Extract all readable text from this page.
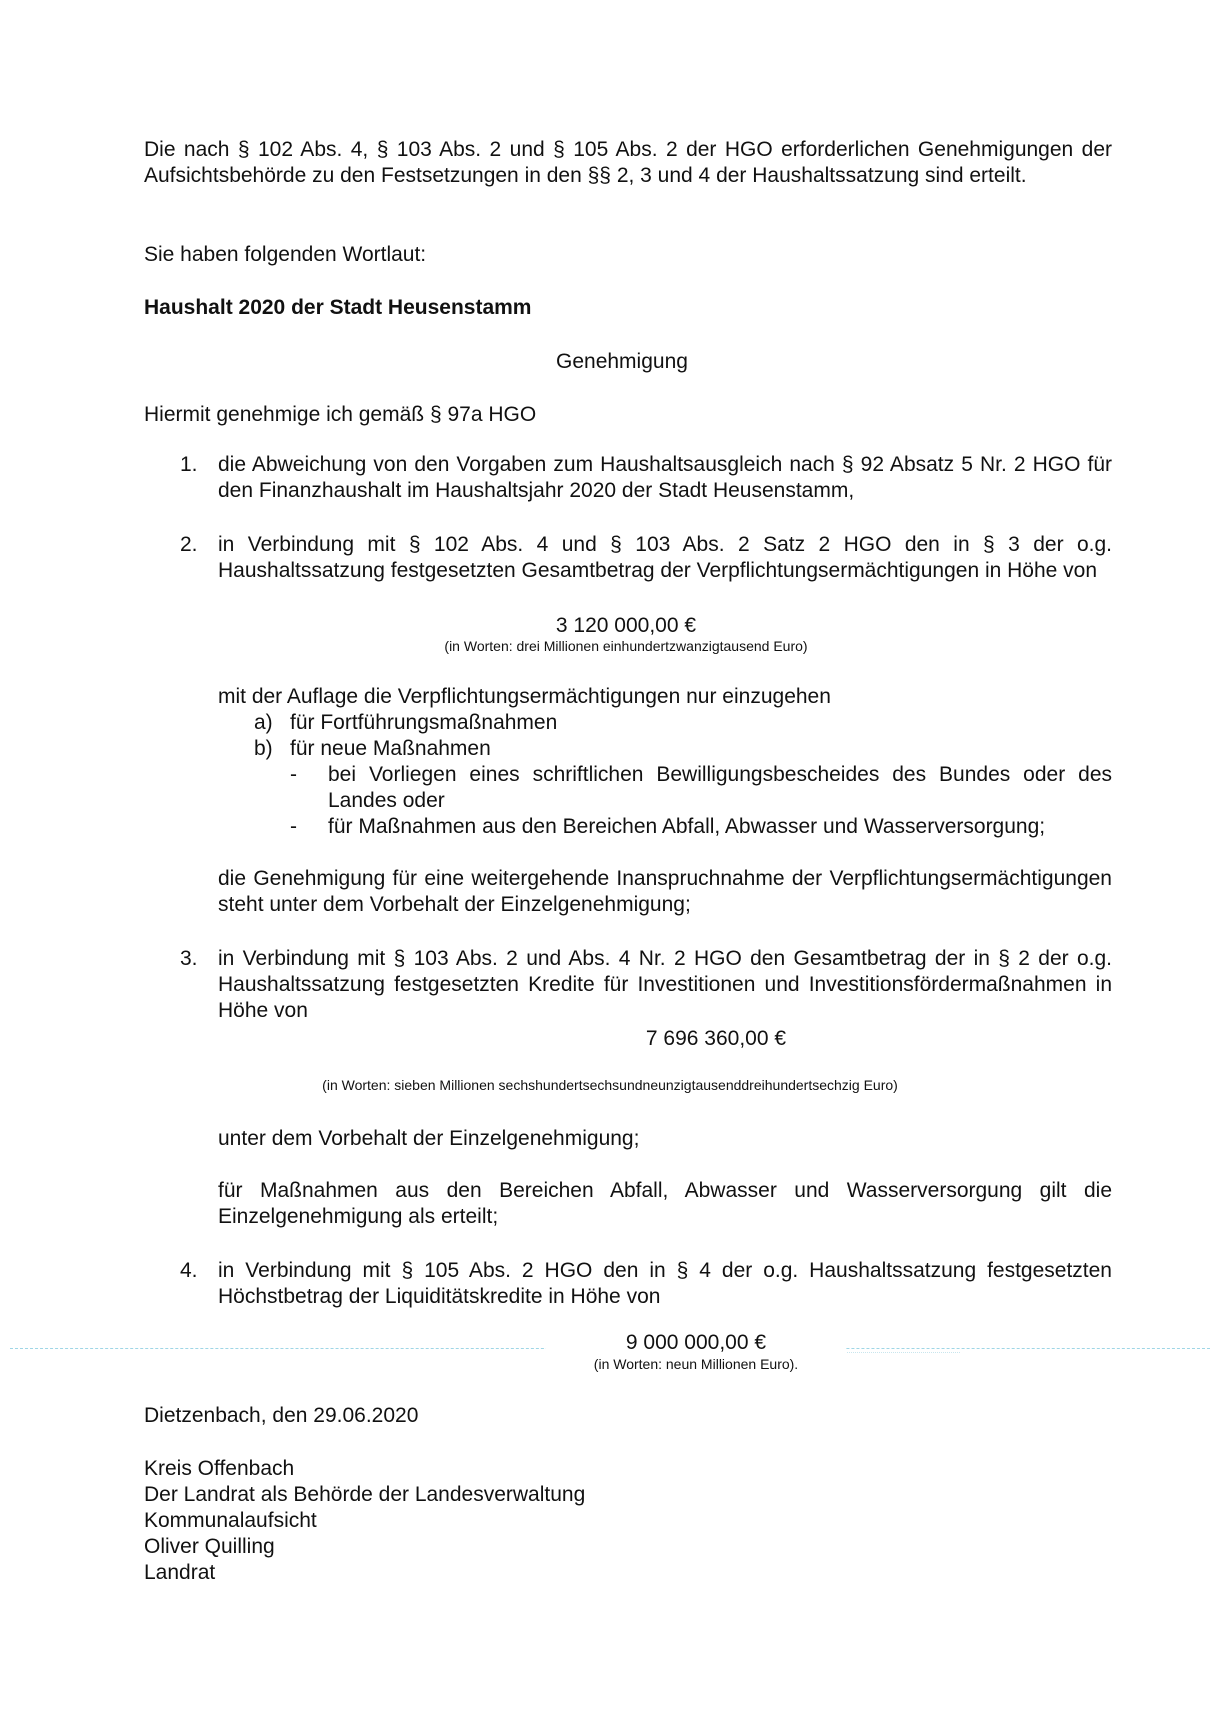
Die nach § 102 Abs. 4, § 103 Abs. 2 und § 105 Abs. 2 der HGO erforderlichen Genehmigungen der Aufsichtsbehörde zu den Festsetzungen in den §§ 2, 3 und 4 der Haushaltssatzung sind erteilt.
Sie haben folgenden Wortlaut:
Haushalt 2020 der Stadt Heusenstamm
Genehmigung
Hiermit genehmige ich gemäß § 97a HGO
1. die Abweichung von den Vorgaben zum Haushaltsausgleich nach § 92 Absatz 5 Nr. 2 HGO für den Finanzhaushalt im Haushaltsjahr 2020 der Stadt Heusenstamm,
2. in Verbindung mit § 102 Abs. 4 und § 103 Abs. 2 Satz 2 HGO den in § 3 der o.g. Haushaltssatzung festgesetzten Gesamtbetrag der Verpflichtungsermächtigungen in Höhe von
3 120 000,00 €
(in Worten: drei Millionen einhundertzwanzigtausend Euro)
mit der Auflage die Verpflichtungsermächtigungen nur einzugehen
a) für Fortführungsmaßnahmen
b) für neue Maßnahmen
- bei Vorliegen eines schriftlichen Bewilligungsbescheides des Bundes oder des Landes oder
- für Maßnahmen aus den Bereichen Abfall, Abwasser und Wasserversorgung;
die Genehmigung für eine weitergehende Inanspruchnahme der Verpflichtungsermächtigungen steht unter dem Vorbehalt der Einzelgenehmigung;
3. in Verbindung mit § 103 Abs. 2 und Abs. 4 Nr. 2 HGO den Gesamtbetrag der in § 2 der o.g. Haushaltssatzung festgesetzten Kredite für Investitionen und Investitionsfördermaßnahmen in Höhe von
7 696 360,00 €
(in Worten: sieben Millionen sechshundertsechsundneunzigtausenddreihundertsechzig Euro)
unter dem Vorbehalt der Einzelgenehmigung;
für Maßnahmen aus den Bereichen Abfall, Abwasser und Wasserversorgung gilt die Einzelgenehmigung als erteilt;
4. in Verbindung mit § 105 Abs. 2 HGO den in § 4 der o.g. Haushaltssatzung festgesetzten Höchstbetrag der Liquiditätskredite in Höhe von
9 000 000,00 €
(in Worten: neun Millionen Euro).
Dietzenbach, den 29.06.2020
Kreis Offenbach
Der Landrat als Behörde der Landesverwaltung
Kommunalaufsicht
Oliver Quilling
Landrat
